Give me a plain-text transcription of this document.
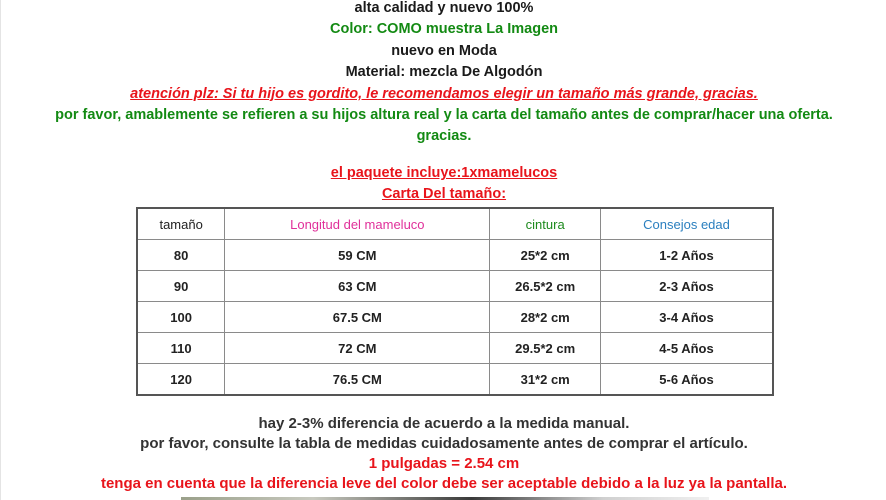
alta calidad y nuevo 100%
Color: COMO muestra La Imagen
nuevo en Moda
Material: mezcla De Algodón
atención plz: Si tu hijo es gordito, le recomendamos elegir un tamaño más grande, gracias.
por favor, amablemente se refieren a su hijos altura real y la carta del tamaño antes de comprar/hacer una oferta.
gracias.
el paquete incluye:1xmamelucos
Carta Del tamaño:
tamaño	Longitud del mameluco	cintura	Consejos edad
80	59 CM	25*2 cm	1-2 Años
90	63 CM	26.5*2 cm	2-3 Años
100	67.5 CM	28*2 cm	3-4 Años
110	72 CM	29.5*2 cm	4-5 Años
120	76.5 CM	31*2 cm	5-6 Años
hay 2-3% diferencia de acuerdo a la medida manual.
por favor, consulte la tabla de medidas cuidadosamente antes de comprar el artículo.
1 pulgadas = 2.54 cm
tenga en cuenta que la diferencia leve del color debe ser aceptable debido a la luz ya la pantalla.
